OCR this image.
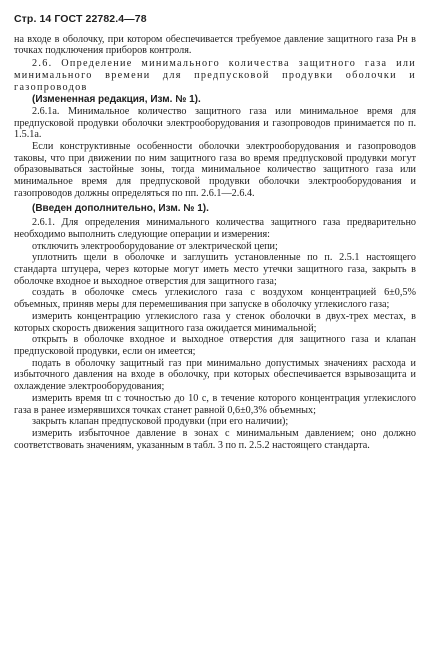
Стр. 14 ГОСТ 22782.4—78

на входе в оболочку, при котором обеспечивается требуемое давление защитного газа Pн в точках подключения приборов контроля.

2.6. Определение минимального количества защитного газа или минимального времени для предпусковой продувки оболочки и газопроводов

(Измененная редакция, Изм. № 1).

2.6.1а. Минимальное количество защитного газа или минимальное время для предпусковой продувки оболочки электрооборудования и газопроводов принимается по п. 1.5.1а.

Если конструктивные особенности оболочки электрооборудования и газопроводов таковы, что при движении по ним защитного газа во время предпусковой продувки могут образовываться застойные зоны, тогда минимальное количество защитного газа или минимальное время для предпусковой продувки оболочки электрооборудования и газопроводов должны определяться по пп. 2.6.1—2.6.4.

(Введен дополнительно, Изм. № 1).

2.6.1. Для определения минимального количества защитного газа предварительно необходимо выполнить следующие операции и измерения:

отключить электрооборудование от электрической цепи;

уплотнить щели в оболочке и заглушить установленные по п. 2.5.1 настоящего стандарта штуцера, через которые могут иметь место утечки защитного газа, закрыть в оболочке входное и выходное отверстия для защитного газа;

создать в оболочке смесь углекислого газа с воздухом концентрацией 6±0,5% объемных, приняв меры для перемешивания при запуске в оболочку углекислого газа;

измерить концентрацию углекислого газа у стенок оболочки в двух-трех местах, в которых скорость движения защитного газа ожидается минимальной;

открыть в оболочке входное и выходное отверстия для защитного газа и клапан предпусковой продувки, если он имеется;

подать в оболочку защитный газ при минимально допустимых значениях расхода и избыточного давления на входе в оболочку, при которых обеспечивается взрывозащита и охлаждение электрооборудования;

измерить время tп с точностью до 10 с, в течение которого концентрация углекислого газа в ранее измерявшихся точках станет равной 0,6±0,3% объемных;

закрыть клапан предпусковой продувки (при его наличии);

измерить избыточное давление в зонах с минимальным давлением; оно должно соответствовать значениям, указанным в табл. 3 по п. 2.5.2 настоящего стандарта.
